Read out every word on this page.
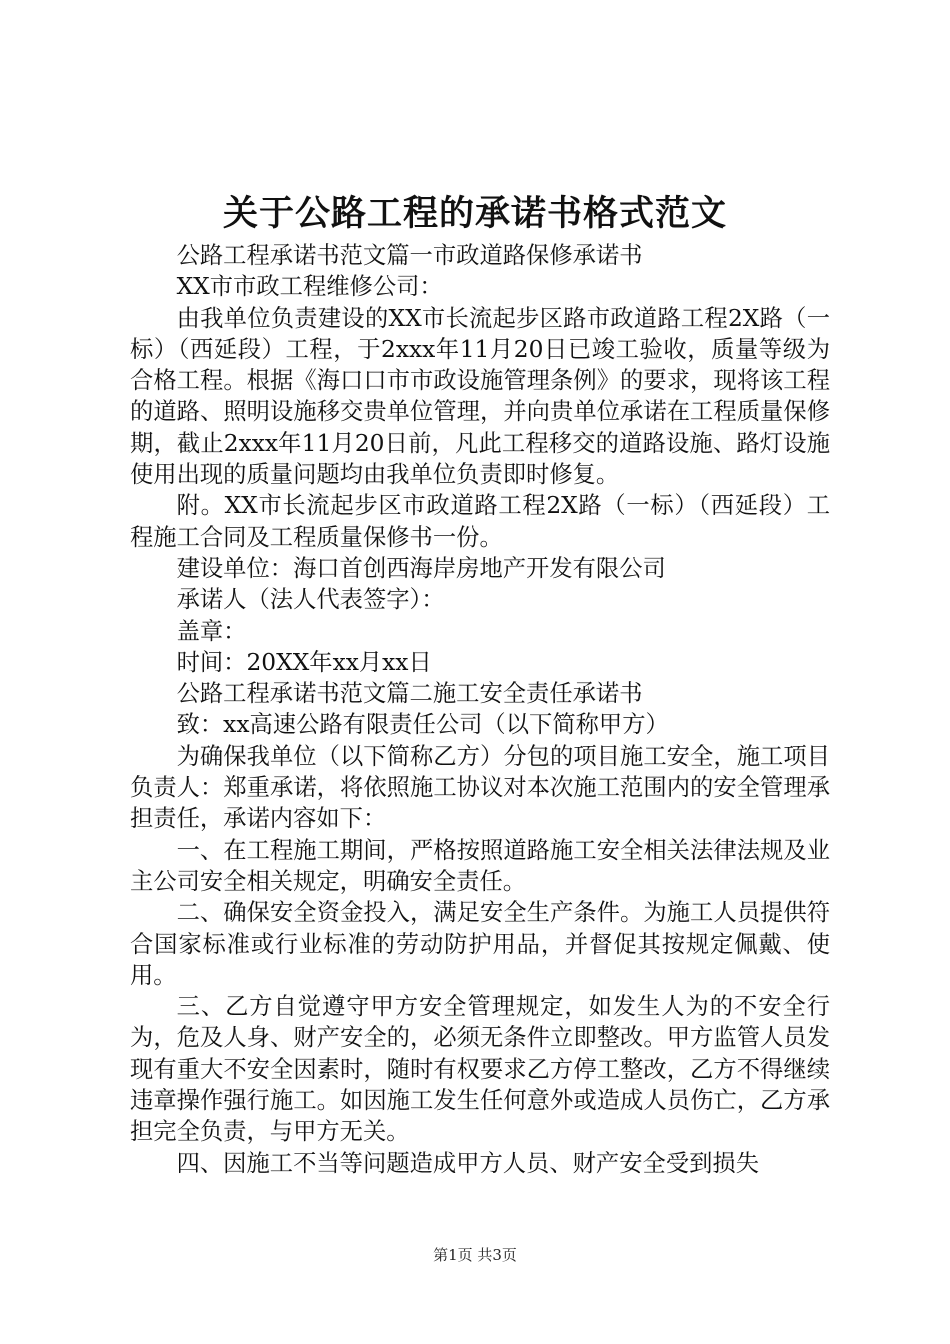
关于公路工程的承诺书格式范文

公路工程承诺书范文篇一市政道路保修承诺书

XX市市政工程维修公司：

由我单位负责建设的XX市长流起步区路市政道路工程2X路（一标）（西延段）工程，于2xxx年11月20日已竣工验收，质量等级为合格工程。根据《海口口市市政设施管理条例》的要求，现将该工程的道路、照明设施移交贵单位管理，并向贵单位承诺在工程质量保修期，截止2xxx年11月20日前，凡此工程移交的道路设施、路灯设施使用出现的质量问题均由我单位负责即时修复。

附。XX市长流起步区市政道路工程2X路（一标）（西延段）工程施工合同及工程质量保修书一份。

建设单位：海口首创西海岸房地产开发有限公司

承诺人（法人代表签字）：

盖章：

时间：20XX年xx月xx日

公路工程承诺书范文篇二施工安全责任承诺书

致：xx高速公路有限责任公司（以下简称甲方）

为确保我单位（以下简称乙方）分包的项目施工安全，施工项目负责人：郑重承诺，将依照施工协议对本次施工范围内的安全管理承担责任，承诺内容如下：

一、在工程施工期间，严格按照道路施工安全相关法律法规及业主公司安全相关规定，明确安全责任。

二、确保安全资金投入，满足安全生产条件。为施工人员提供符合国家标准或行业标准的劳动防护用品，并督促其按规定佩戴、使用。

三、乙方自觉遵守甲方安全管理规定，如发生人为的不安全行为，危及人身、财产安全的，必须无条件立即整改。甲方监管人员发现有重大不安全因素时，随时有权要求乙方停工整改，乙方不得继续违章操作强行施工。如因施工发生任何意外或造成人员伤亡，乙方承担完全负责，与甲方无关。

四、因施工不当等问题造成甲方人员、财产安全受到损失

第1页 共3页
